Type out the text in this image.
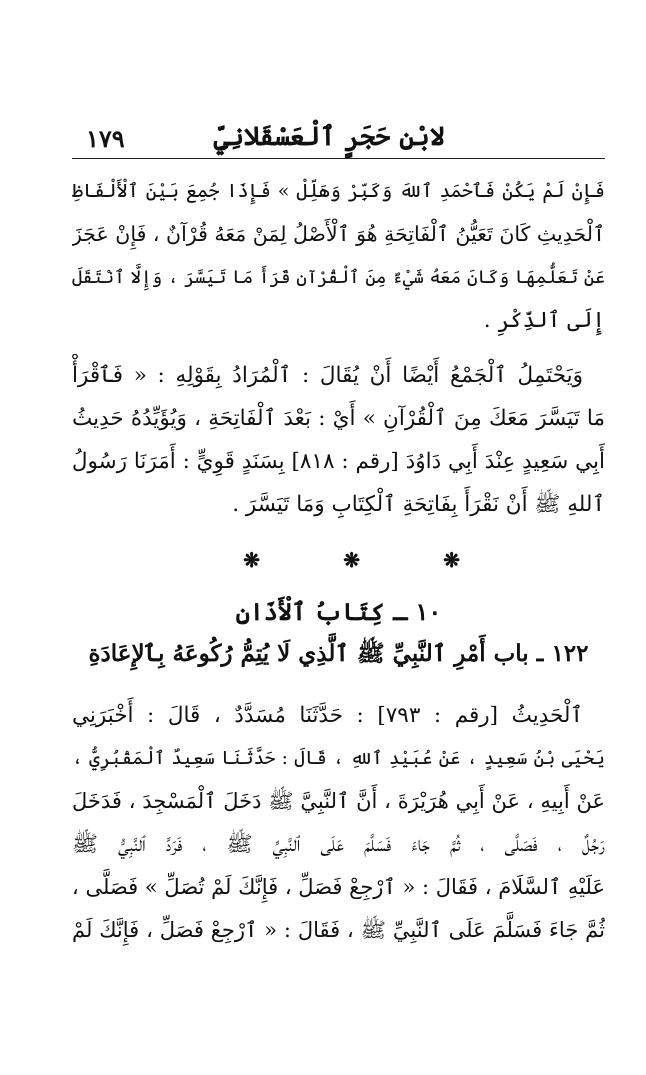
لابْنِ حَجَرٍ ٱلْعَسْقَلانِيِّ
١٧٩
فَإِنْ لَمْ يَكُنْ فَٱحْمَدِ ٱللهَ وَكَبِّرْ وَهَلِّلْ » فَإِذَا جُمِعَ بَيْنَ ٱلْأَلْفَاظِ
ٱلْحَدِيثِ كَانَ تَعَيُّنُ ٱلْفَاتِحَةِ هُوَ ٱلْأَصْلُ لِمَنْ مَعَهُ قُرْآنٌ ، فَإِنْ عَجَزَ
عَنْ تَعَلُّمِهَا وَكَانَ مَعَهُ شَيْءٌ مِنَ ٱلْقُرْآنِ قَرَأَ مَا تَيَسَّرَ ، وَإِلَّا ٱنْتَقَلَ
إِلَى ٱلذِّكْرِ .
وَيَحْتَمِلُ ٱلْجَمْعُ أَيْضًا أَنْ يُقَالَ : ٱلْمُرَادُ بِقَوْلِهِ : « فَٱقْرَأْ
مَا تَيَسَّرَ مَعَكَ مِنَ ٱلْقُرْآنِ » أَيْ : بَعْدَ ٱلْفَاتِحَةِ ، وَيُؤَيِّدُهُ حَدِيثُ
أَبِي سَعِيدٍ عِنْدَ أَبِي دَاوُدَ [رقم : ٨١٨] بِسَنَدٍ قَوِيٍّ : أَمَرَنَا رَسُولُ
ٱللهِ ﷺ أَنْ نَقْرَأَ بِفَاتِحَةِ ٱلْكِتَابِ وَمَا تَيَسَّرَ .
❋
❋
❋
١٠ ـ كِتَابُ ٱلْأَذَانِ
١٢٢ ـ باب أَمْرِ ٱلنَّبِيِّ ﷺ ٱلَّذِي لَا يُتِمُّ رُكُوعَهُ بِٱلإِعَادَةِ
ٱلْحَدِيثُ [رقم : ٧٩٣] : حَدَّثَنَا مُسَدَّدٌ ، قَالَ : أَخْبَرَنِي
يَحْيَى بْنُ سَعِيدٍ ، عَنْ عُبَيْدِ ٱللهِ ، قَالَ : حَدَّثَنَا سَعِيدٌ ٱلْمَقْبُرِيُّ ،
عَنْ أَبِيهِ ، عَنْ أَبِي هُرَيْرَةَ ، أَنَّ ٱلنَّبِيَّ ﷺ دَخَلَ ٱلْمَسْجِدَ ، فَدَخَلَ
رَجُلٌ ، فَصَلَّى ، ثُمَّ جَاءَ فَسَلَّمَ عَلَى ٱلنَّبِيِّ ﷺ ، فَرَدَّ ٱلنَّبِيُّ ﷺ
عَلَيْهِ ٱلسَّلَامَ ، فَقَالَ : « ٱرْجِعْ فَصَلِّ ، فَإِنَّكَ لَمْ تُصَلِّ » فَصَلَّى ،
ثُمَّ جَاءَ فَسَلَّمَ عَلَى ٱلنَّبِيِّ ﷺ ، فَقَالَ : « ٱرْجِعْ فَصَلِّ ، فَإِنَّكَ لَمْ
